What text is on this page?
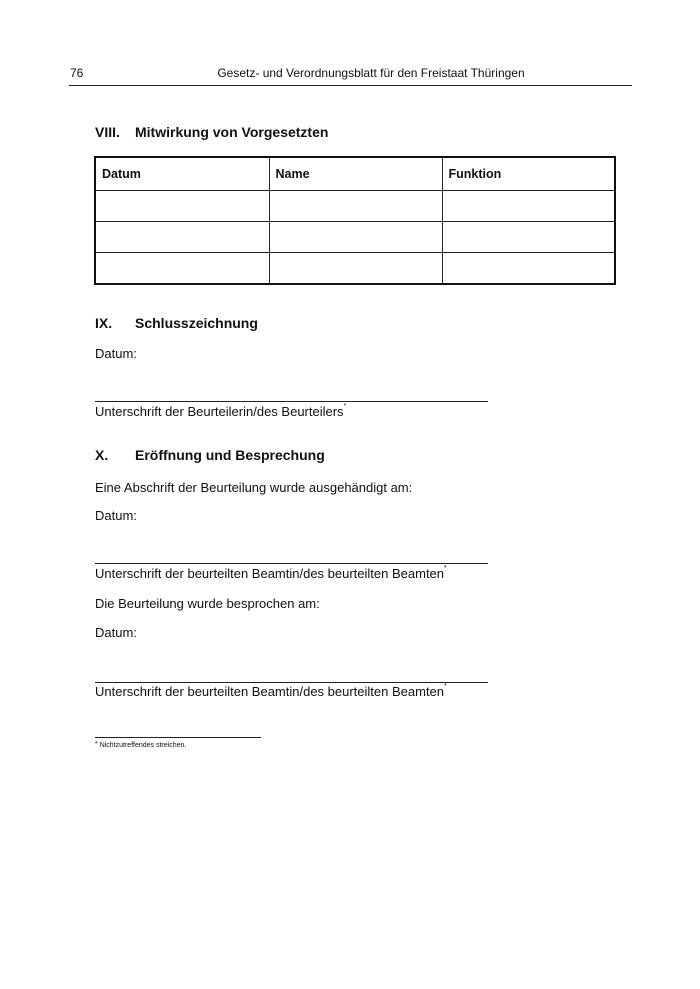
76	Gesetz- und Verordnungsblatt für den Freistaat Thüringen
VIII. Mitwirkung von Vorgesetzten
Datum	Name	Funktion

IX. Schlusszeichnung
Datum:
Unterschrift der Beurteilerin/des Beurteilers*
X. Eröffnung und Besprechung
Eine Abschrift der Beurteilung wurde ausgehändigt am:
Datum:
Unterschrift der beurteilten Beamtin/des beurteilten Beamten*
Die Beurteilung wurde besprochen am:
Datum:
Unterschrift der beurteilten Beamtin/des beurteilten Beamten*
* Nichtzutreffendes streichen.
